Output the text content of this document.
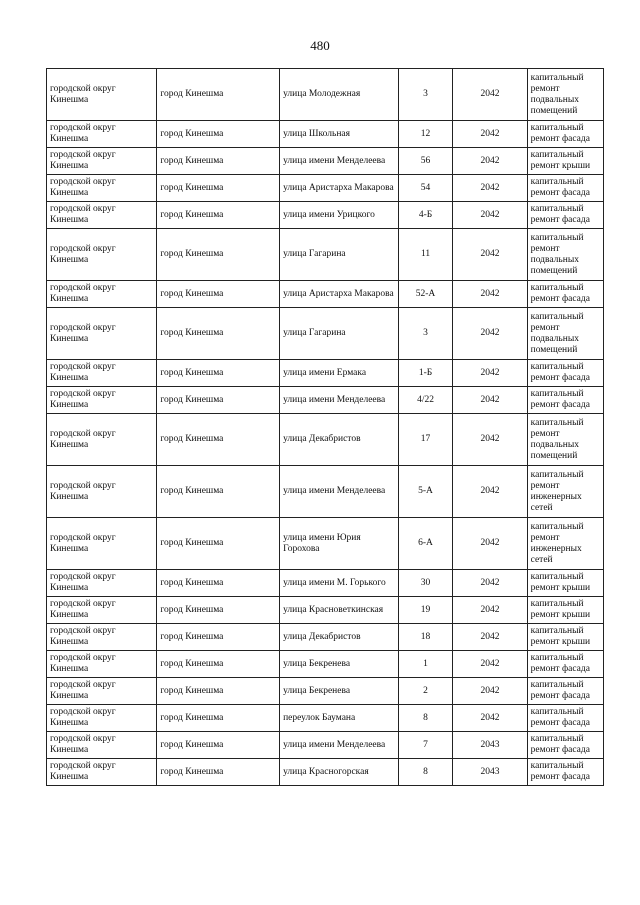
480
городской округ Кинешма	город Кинешма	улица Молодежная	3	2042	капитальный ремонт подвальных помещений
городской округ Кинешма	город Кинешма	улица Школьная	12	2042	капитальный ремонт фасада
городской округ Кинешма	город Кинешма	улица имени Менделеева	56	2042	капитальный ремонт крыши
городской округ Кинешма	город Кинешма	улица Аристарха Макарова	54	2042	капитальный ремонт фасада
городской округ Кинешма	город Кинешма	улица имени Урицкого	4-Б	2042	капитальный ремонт фасада
городской округ Кинешма	город Кинешма	улица Гагарина	11	2042	капитальный ремонт подвальных помещений
городской округ Кинешма	город Кинешма	улица Аристарха Макарова	52-А	2042	капитальный ремонт фасада
городской округ Кинешма	город Кинешма	улица Гагарина	3	2042	капитальный ремонт подвальных помещений
городской округ Кинешма	город Кинешма	улица имени Ермака	1-Б	2042	капитальный ремонт фасада
городской округ Кинешма	город Кинешма	улица имени Менделеева	4/22	2042	капитальный ремонт фасада
городской округ Кинешма	город Кинешма	улица Декабристов	17	2042	капитальный ремонт подвальных помещений
городской округ Кинешма	город Кинешма	улица имени Менделеева	5-А	2042	капитальный ремонт инженерных сетей
городской округ Кинешма	город Кинешма	улица имени Юрия Горохова	6-А	2042	капитальный ремонт инженерных сетей
городской округ Кинешма	город Кинешма	улица имени М. Горького	30	2042	капитальный ремонт крыши
городской округ Кинешма	город Кинешма	улица Красноветкинская	19	2042	капитальный ремонт крыши
городской округ Кинешма	город Кинешма	улица Декабристов	18	2042	капитальный ремонт крыши
городской округ Кинешма	город Кинешма	улица Бекренева	1	2042	капитальный ремонт фасада
городской округ Кинешма	город Кинешма	улица Бекренева	2	2042	капитальный ремонт фасада
городской округ Кинешма	город Кинешма	переулок Баумана	8	2042	капитальный ремонт фасада
городской округ Кинешма	город Кинешма	улица имени Менделеева	7	2043	капитальный ремонт фасада
городской округ Кинешма	город Кинешма	улица Красногорская	8	2043	капитальный ремонт фасада
